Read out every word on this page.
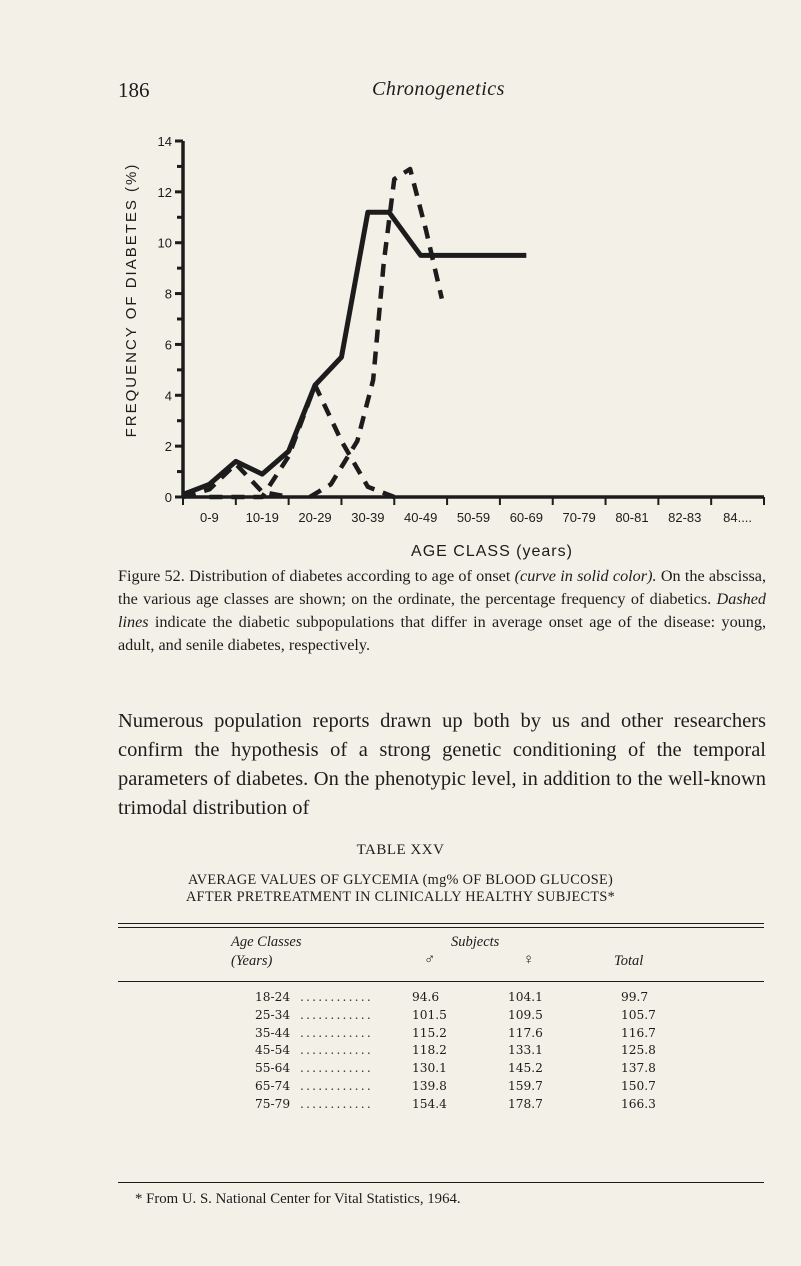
186	Chronogenetics
FREQUENCY OF DIABETES (%)
AGE CLASS (years)
0
2
4
6
8
10
12
14
0-9 10-19 20-29 30-39 40-49 50-59 60-69 70-79 80-81 82-83 84....
Figure 52. Distribution of diabetes according to age of onset (curve in solid color). On the abscissa, the various age classes are shown; on the ordinate, the percentage frequency of diabetics. Dashed lines indicate the diabetic subpopulations that differ in average onset age of the disease: young, adult, and senile diabetes, respectively.
Numerous population reports drawn up both by us and other researchers confirm the hypothesis of a strong genetic conditioning of the temporal parameters of diabetes. On the phenotypic level, in addition to the well-known trimodal distribution of
TABLE XXV
AVERAGE VALUES OF GLYCEMIA (mg% OF BLOOD GLUCOSE)
AFTER PRETREATMENT IN CLINICALLY HEALTHY SUBJECTS*
Age Classes
(Years)
Subjects
♂	♀	Total
18-24 ............	94.6	104.1	99.7
25-34 ............	101.5	109.5	105.7
35-44 ............	115.2	117.6	116.7
45-54 ............	118.2	133.1	125.8
55-64 ............	130.1	145.2	137.8
65-74 ............	139.8	159.7	150.7
75-79 ............	154.4	178.7	166.3
* From U. S. National Center for Vital Statistics, 1964.
